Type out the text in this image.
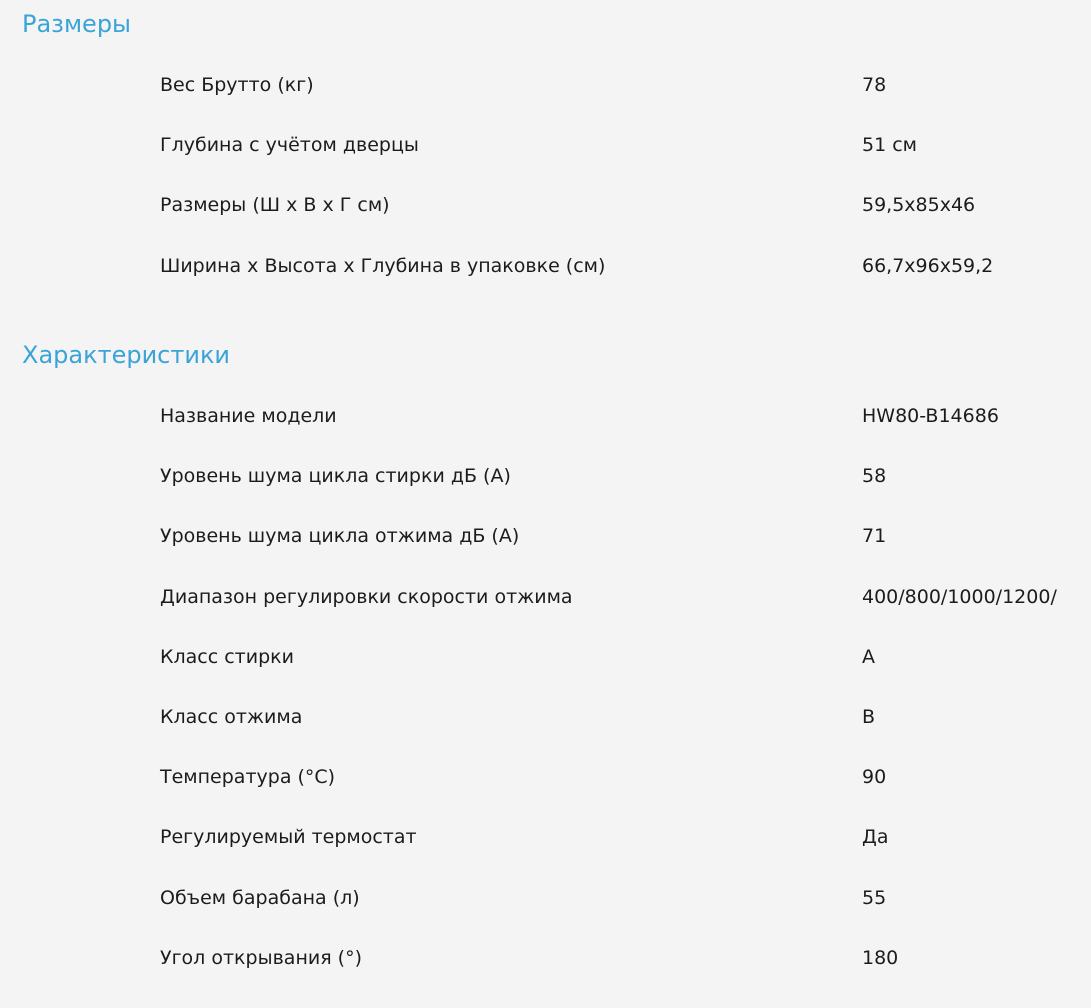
Размеры
Вес Брутто (кг)	78
Глубина с учётом дверцы	51 см
Размеры (Ш x В x Г см)	59,5x85x46
Ширина x Высота x Глубина в упаковке (см)	66,7x96x59,2
Характеристики
Название модели	HW80-B14686
Уровень шума цикла стирки дБ (А)	58
Уровень шума цикла отжима дБ (А)	71
Диапазон регулировки скорости отжима	400/800/1000/1200/
Класс стирки	A
Класс отжима	B
Температура (°C)	90
Регулируемый термостат	Да
Объем барабана (л)	55
Угол открывания (°)	180
